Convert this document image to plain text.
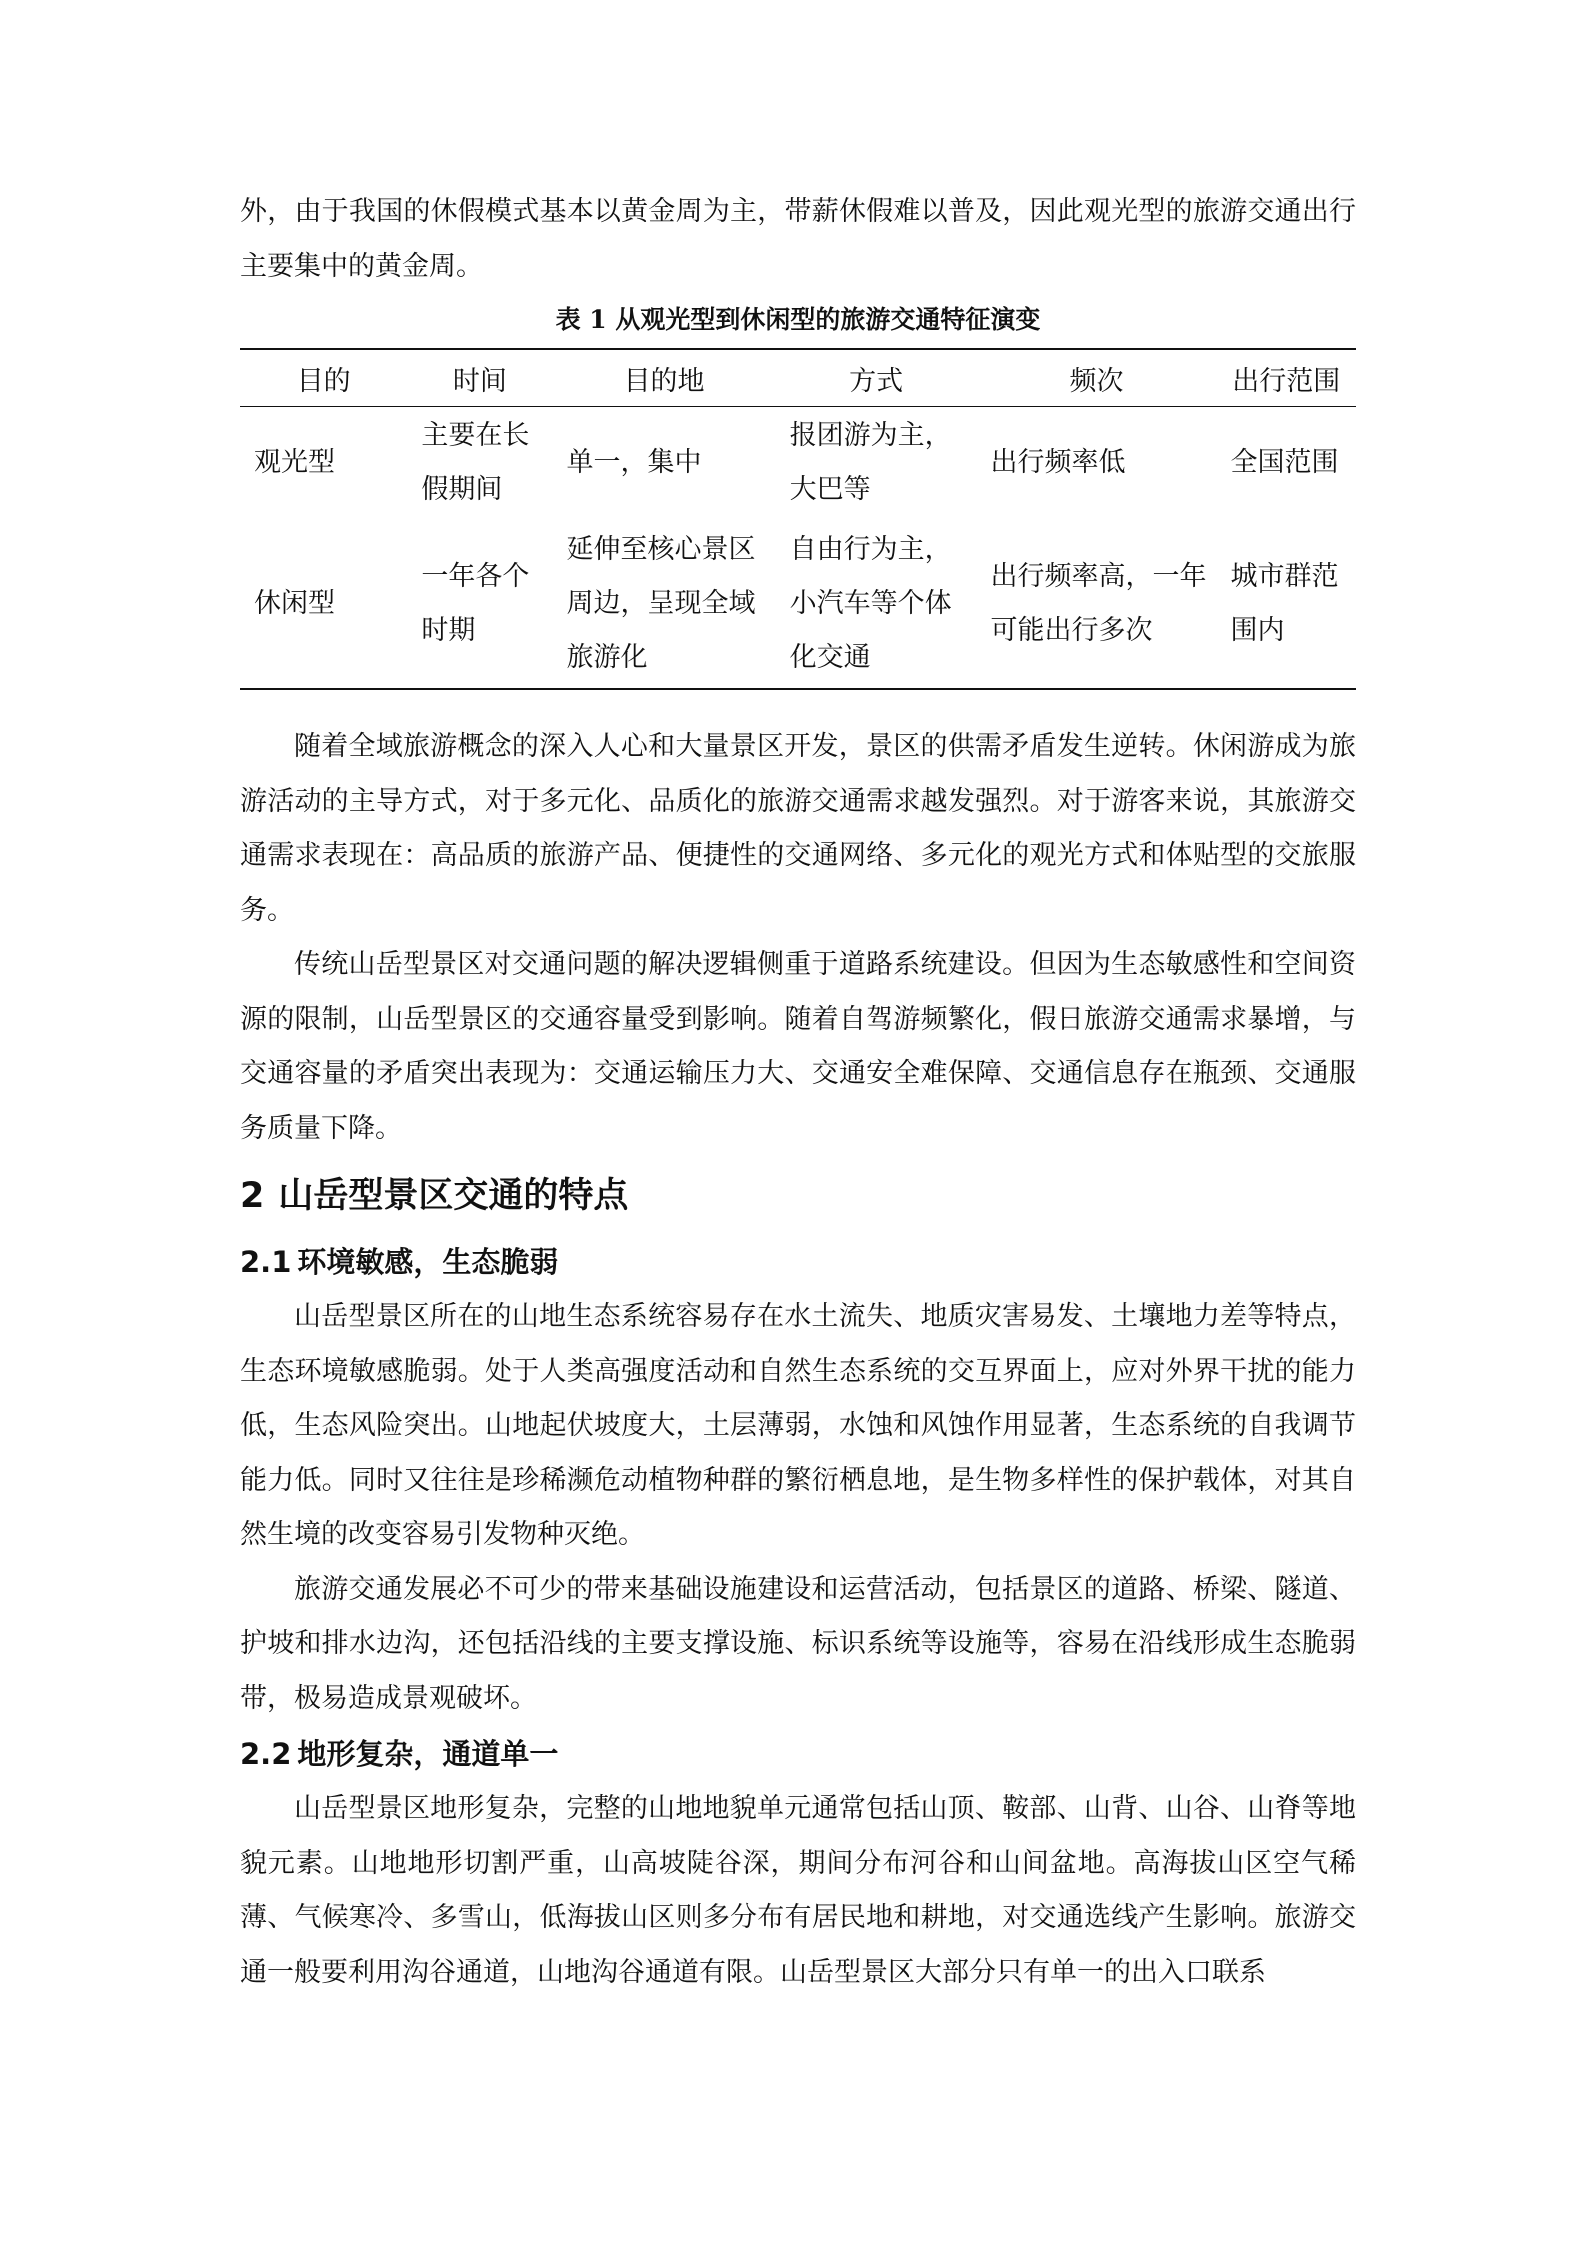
外，由于我国的休假模式基本以黄金周为主，带薪休假难以普及，因此观光型的旅游交通出行主要集中的黄金周。

表 1 从观光型到休闲型的旅游交通特征演变
目的	时间	目的地	方式	频次	出行范围
观光型	主要在长假期间	单一，集中	报团游为主，大巴等	出行频率低	全国范围
休闲型	一年各个时期	延伸至核心景区周边，呈现全域旅游化	自由行为主，小汽车等个体化交通	出行频率高，一年可能出行多次	城市群范围内

随着全域旅游概念的深入人心和大量景区开发，景区的供需矛盾发生逆转。休闲游成为旅游活动的主导方式，对于多元化、品质化的旅游交通需求越发强烈。对于游客来说，其旅游交通需求表现在：高品质的旅游产品、便捷性的交通网络、多元化的观光方式和体贴型的交旅服务。

传统山岳型景区对交通问题的解决逻辑侧重于道路系统建设。但因为生态敏感性和空间资源的限制，山岳型景区的交通容量受到影响。随着自驾游频繁化，假日旅游交通需求暴增，与交通容量的矛盾突出表现为：交通运输压力大、交通安全难保障、交通信息存在瓶颈、交通服务质量下降。

2 山岳型景区交通的特点
2.1 环境敏感，生态脆弱

山岳型景区所在的山地生态系统容易存在水土流失、地质灾害易发、土壤地力差等特点，生态环境敏感脆弱。处于人类高强度活动和自然生态系统的交互界面上，应对外界干扰的能力低，生态风险突出。山地起伏坡度大，土层薄弱，水蚀和风蚀作用显著，生态系统的自我调节能力低。同时又往往是珍稀濒危动植物种群的繁衍栖息地，是生物多样性的保护载体，对其自然生境的改变容易引发物种灭绝。

旅游交通发展必不可少的带来基础设施建设和运营活动，包括景区的道路、桥梁、隧道、护坡和排水边沟，还包括沿线的主要支撑设施、标识系统等设施等，容易在沿线形成生态脆弱带，极易造成景观破坏。

2.2 地形复杂，通道单一

山岳型景区地形复杂，完整的山地地貌单元通常包括山顶、鞍部、山背、山谷、山脊等地貌元素。山地地形切割严重，山高坡陡谷深，期间分布河谷和山间盆地。高海拔山区空气稀薄、气候寒冷、多雪山，低海拔山区则多分布有居民地和耕地，对交通选线产生影响。旅游交通一般要利用沟谷通道，山地沟谷通道有限。山岳型景区大部分只有单一的出入口联系
